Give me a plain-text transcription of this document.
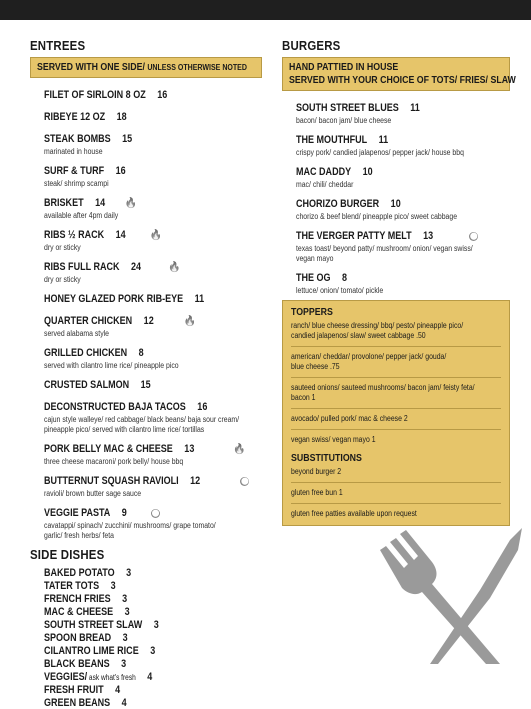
ENTREES
SERVED WITH ONE SIDE/ UNLESS OTHERWISE NOTED
FILET OF SIRLOIN 8 OZ 16
RIBEYE 12 OZ 18
STEAK BOMBS 15
marinated in house
SURF & TURF 16
steak/ shrimp scampi
BRISKET 14 🔥
available after 4pm daily
RIBS ½ RACK 14 🔥
dry or sticky
RIBS FULL RACK 24	🔥
dry or sticky
HONEY GLAZED PORK RIB-EYE 11
QUARTER CHICKEN 12	🔥
served alabama style
GRILLED CHICKEN 8
served with cilantro lime rice/ pineapple pico
CRUSTED SALMON 15
DECONSTRUCTED BAJA TACOS 16
cajun style walleye/ red cabbage/ black beans/ baja sour cream/
pineapple pico/ served with cilantro lime rice/ tortillas
PORK BELLY MAC & CHEESE 13	🔥
three cheese macaroni/ pork belly/ house bbq
BUTTERNUT SQUASH RAVIOLI 12	⬤
ravioli/ brown butter sage sauce
VEGGIE PASTA 9	⬤
cavatappi/ spinach/ zucchini/ mushrooms/ grape tomato/
garlic/ fresh herbs/ feta
SIDE DISHES
BAKED POTATO 3
TATER TOTS 3
FRENCH FRIES 3
MAC & CHEESE 3
SOUTH STREET SLAW 3
SPOON BREAD 3
CILANTRO LIME RICE 3
BLACK BEANS 3
VEGGIES/ ask what's fresh 4
FRESH FRUIT 4
GREEN BEANS 4
BURGERS
HAND PATTIED IN HOUSE
SERVED WITH YOUR CHOICE OF TOTS/ FRIES/ SLAW
SOUTH STREET BLUES 11
bacon/ bacon jam/ blue cheese
THE MOUTHFUL 11
crispy pork/ candied jalapenos/ pepper jack/ house bbq
MAC DADDY 10
mac/ chili/ cheddar
CHORIZO BURGER 10
chorizo & beef blend/ pineapple pico/ sweet cabbage
THE VERGER PATTY MELT 13	⬤
texas toast/ beyond patty/ mushroom/ onion/ vegan swiss/
vegan mayo
THE OG 8
lettuce/ onion/ tomato/ pickle
TOPPERS
ranch/ blue cheese dressing/ bbq/ pesto/ pineapple pico/
candied jalapenos/ slaw/ sweet cabbage .50
american/ cheddar/ provolone/ pepper jack/ gouda/
blue cheese .75
sauteed onions/ sauteed mushrooms/ bacon jam/ feisty feta/
bacon 1
avocado/ pulled pork/ mac & cheese 2
vegan swiss/ vegan mayo 1
SUBSTITUTIONS
beyond burger 2
gluten free bun 1
gluten free patties available upon request
